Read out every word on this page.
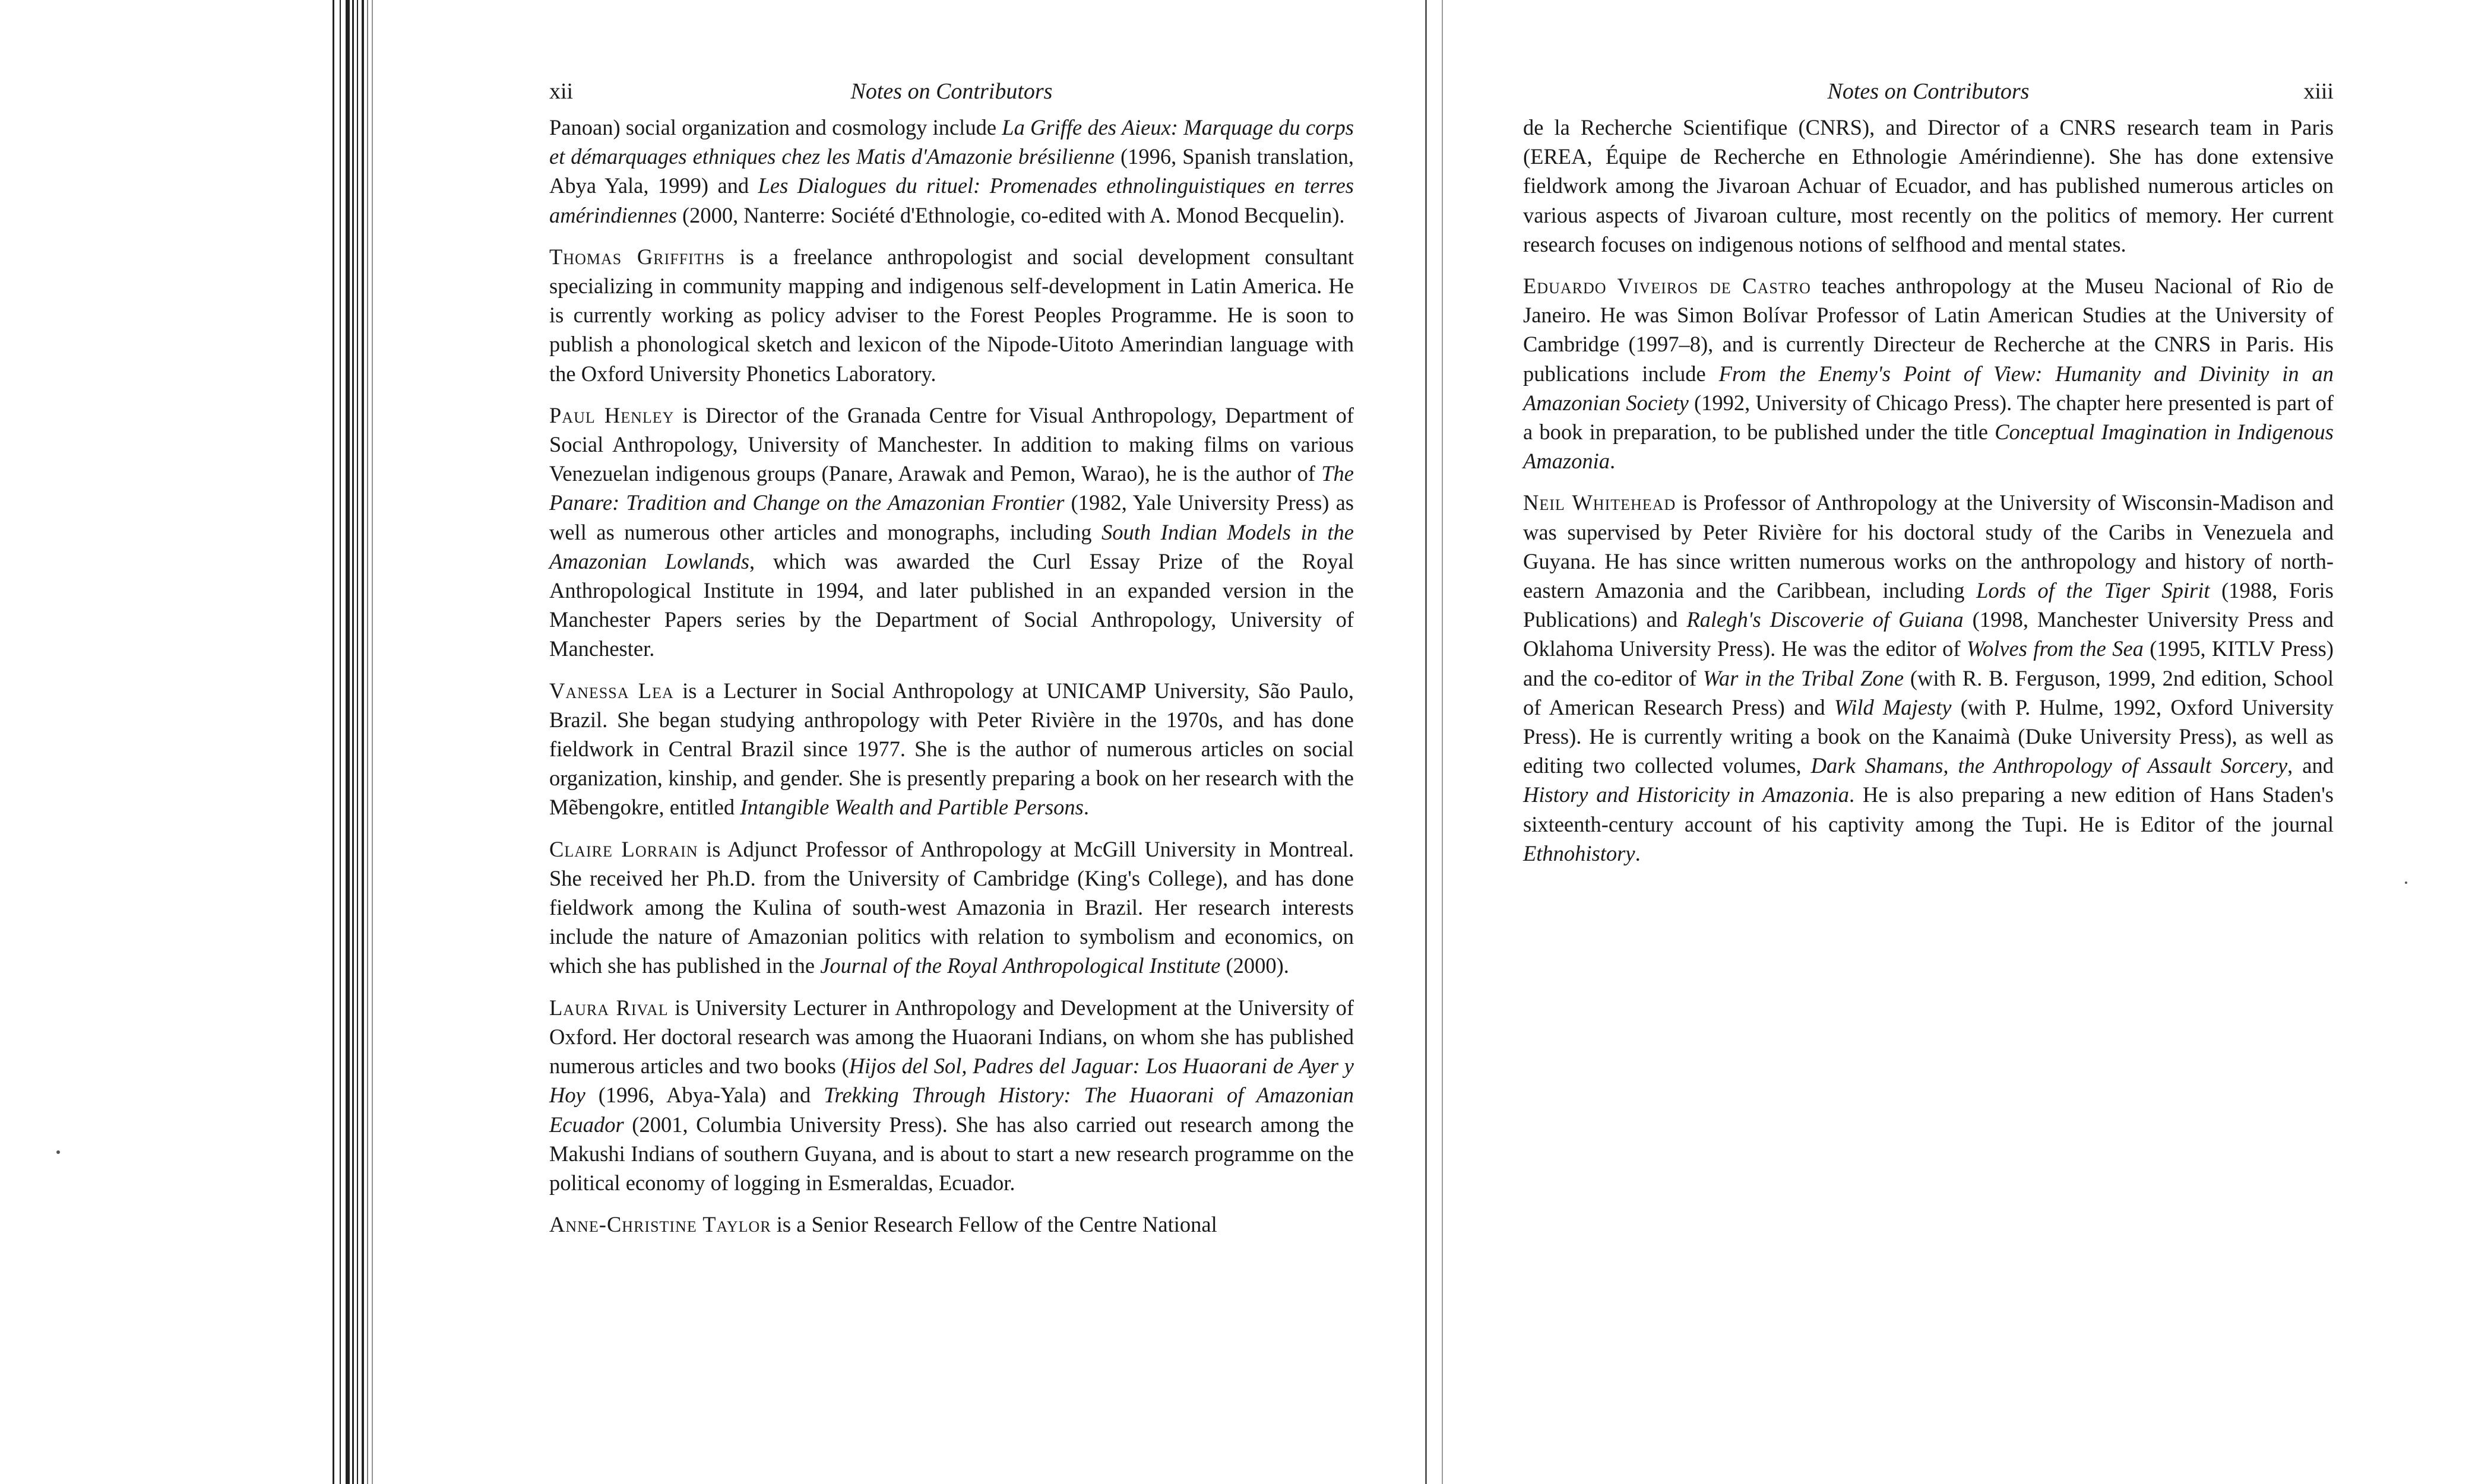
xii	Notes on Contributors

Panoan) social organization and cosmology include La Griffe des Aieux: Marquage du corps et démarquages ethniques chez les Matis d'Amazonie brésilienne (1996, Spanish translation, Abya Yala, 1999) and Les Dialogues du rituel: Promenades ethnolinguistiques en terres amérindiennes (2000, Nanterre: Société d'Ethnologie, co-edited with A. Monod Becquelin).

Thomas Griffiths is a freelance anthropologist and social development consultant specializing in community mapping and indigenous self-development in Latin America. He is currently working as policy adviser to the Forest Peoples Programme. He is soon to publish a phonological sketch and lexicon of the Nipode-Uitoto Amerindian language with the Oxford University Phonetics Laboratory.

Paul Henley is Director of the Granada Centre for Visual Anthropology, Department of Social Anthropology, University of Manchester. In addition to making films on various Venezuelan indigenous groups (Panare, Arawak and Pemon, Warao), he is the author of The Panare: Tradition and Change on the Amazonian Frontier (1982, Yale University Press) as well as numerous other articles and monographs, including South Indian Models in the Amazonian Lowlands, which was awarded the Curl Essay Prize of the Royal Anthropological Institute in 1994, and later published in an expanded version in the Manchester Papers series by the Department of Social Anthropology, University of Manchester.

Vanessa Lea is a Lecturer in Social Anthropology at UNICAMP University, São Paulo, Brazil. She began studying anthropology with Peter Rivière in the 1970s, and has done fieldwork in Central Brazil since 1977. She is the author of numerous articles on social organization, kinship, and gender. She is presently preparing a book on her research with the Mẽbengokre, entitled Intangible Wealth and Partible Persons.

Claire Lorrain is Adjunct Professor of Anthropology at McGill University in Montreal. She received her Ph.D. from the University of Cambridge (King's College), and has done fieldwork among the Kulina of south-west Amazonia in Brazil. Her research interests include the nature of Amazonian politics with relation to symbolism and economics, on which she has published in the Journal of the Royal Anthropological Institute (2000).

Laura Rival is University Lecturer in Anthropology and Development at the University of Oxford. Her doctoral research was among the Huaorani Indians, on whom she has published numerous articles and two books (Hijos del Sol, Padres del Jaguar: Los Huaorani de Ayer y Hoy (1996, Abya-Yala) and Trekking Through History: The Huaorani of Amazonian Ecuador (2001, Columbia University Press). She has also carried out research among the Makushi Indians of southern Guyana, and is about to start a new research programme on the political economy of logging in Esmeraldas, Ecuador.

Anne-Christine Taylor is a Senior Research Fellow of the Centre National

Notes on Contributors	xiii

de la Recherche Scientifique (CNRS), and Director of a CNRS research team in Paris (EREA, Équipe de Recherche en Ethnologie Amérindienne). She has done extensive fieldwork among the Jivaroan Achuar of Ecuador, and has published numerous articles on various aspects of Jivaroan culture, most recently on the politics of memory. Her current research focuses on indigenous notions of selfhood and mental states.

Eduardo Viveiros de Castro teaches anthropology at the Museu Nacional of Rio de Janeiro. He was Simon Bolívar Professor of Latin American Studies at the University of Cambridge (1997–8), and is currently Directeur de Recherche at the CNRS in Paris. His publications include From the Enemy's Point of View: Humanity and Divinity in an Amazonian Society (1992, University of Chicago Press). The chapter here presented is part of a book in preparation, to be published under the title Conceptual Imagination in Indigenous Amazonia.

Neil Whitehead is Professor of Anthropology at the University of Wisconsin-Madison and was supervised by Peter Rivière for his doctoral study of the Caribs in Venezuela and Guyana. He has since written numerous works on the anthropology and history of north-eastern Amazonia and the Caribbean, including Lords of the Tiger Spirit (1988, Foris Publications) and Ralegh's Discoverie of Guiana (1998, Manchester University Press and Oklahoma University Press). He was the editor of Wolves from the Sea (1995, KITLV Press) and the co-editor of War in the Tribal Zone (with R. B. Ferguson, 1999, 2nd edition, School of American Research Press) and Wild Majesty (with P. Hulme, 1992, Oxford University Press). He is currently writing a book on the Kanaimà (Duke University Press), as well as editing two collected volumes, Dark Shamans, the Anthropology of Assault Sorcery, and History and Historicity in Amazonia. He is also preparing a new edition of Hans Staden's sixteenth-century account of his captivity among the Tupi. He is Editor of the journal Ethnohistory.
